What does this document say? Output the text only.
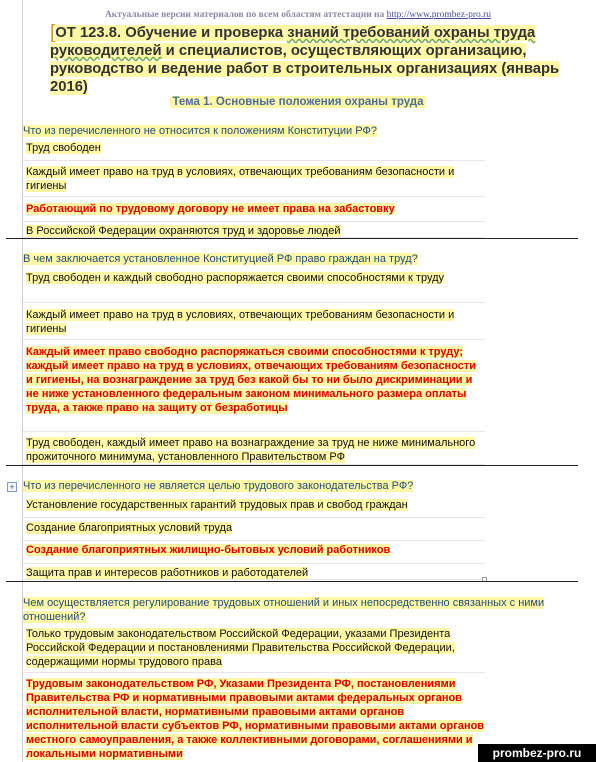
Актуальные версии материалов по всем областям аттестации на http://www.prombez-pro.ru
[ОТ 123.8. Обучение и проверка знаний требований охраны труда руководителей и специалистов, осуществляющих организацию, руководство и ведение работ в строительных организациях (январь 2016)
Тема 1. Основные положения охраны труда
Что из перечисленного не относится к положениям Конституции РФ?
Труд свободен
Каждый имеет право на труд в условиях, отвечающих требованиям безопасности и гигиены
Работающий по трудовому договору не имеет права на забастовку
В Российской Федерации охраняются труд и здоровье людей
В чем заключается установленное Конституцией РФ право граждан на труд?
Труд свободен и каждый свободно распоряжается своими способностями к труду
Каждый имеет право на труд в условиях, отвечающих требованиям безопасности и гигиены
Каждый имеет право свободно распоряжаться своими способностями к труду; каждый имеет право на труд в условиях, отвечающих требованиям безопасности и гигиены, на вознаграждение за труд без какой бы то ни было дискриминации и не ниже установленного федеральным законом минимального размера оплаты труда, а также право на защиту от безработицы
Труд свободен, каждый имеет право на вознаграждение за труд не ниже минимального прожиточного минимума, установленного Правительством РФ
+ Что из перечисленного не является целью трудового законодательства РФ?
Установление государственных гарантий трудовых прав и свобод граждан
Создание благоприятных условий труда
Создание благоприятных жилищно-бытовых условий работников
Защита прав и интересов работников и работодателей
Чем осуществляется регулирование трудовых отношений и иных непосредственно связанных с ними отношений?
Только трудовым законодательством Российской Федерации, указами Президента Российской Федерации и постановлениями Правительства Российской Федерации, содержащими нормы трудового права
Трудовым законодательством РФ, Указами Президента РФ, постановлениями Правительства РФ и нормативными правовыми актами федеральных органов исполнительной власти, нормативными правовыми актами органов исполнительной власти субъектов РФ, нормативными правовыми актами органов местного самоуправления, а также коллективными договорами, соглашениями и локальными нормативными	prombez-pro.ru
